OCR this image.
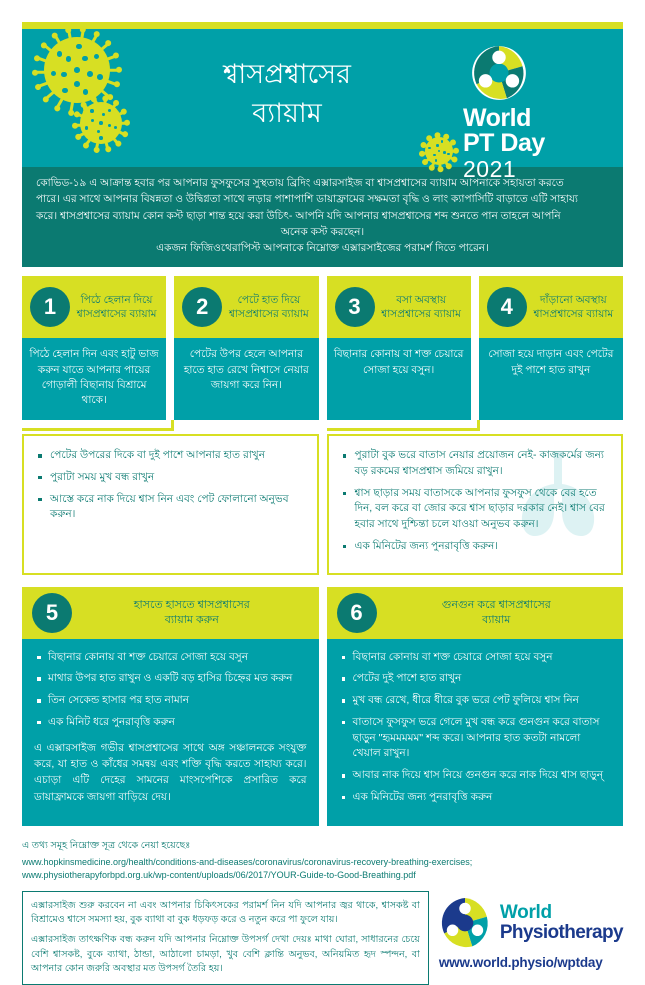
শ্বাসপ্রশ্বাসের
ব্যায়াম	World
PT Day
2021
কোভিড-১৯ এ আক্রান্ত হবার পর আপনার ফুসফুসের সুস্থতায় ব্রিদিং এক্সারসাইজ বা শ্বাসপ্রশ্বাসের ব্যায়াম আপনাকে সহায়তা করতে
পারে। এর সাথে আপনার বিষন্নতা ও উদ্বিগ্নতা সাথে লড়ার পাশাপাশি ডায়াফ্রামের সক্ষমতা বৃদ্ধি ও লাং ক্যাপাসিটি বাড়াতে এটি সাহায্য
করে। শ্বাসপ্রশ্বাসের ব্যায়াম কোন কস্ট ছাড়া শান্ত হয়ে করা উচিৎ- আপনি যদি আপনার শ্বাসপ্রশ্বাসের শব্দ শুনতে পান তাহলে আপনি
অনেক কস্ট করছেন।
একজন ফিজিওথেরাপিস্ট আপনাকে নিম্নোক্ত এক্সারসাইজের পরামর্শ দিতে পারেন।
1	পিঠে হেলান দিয়ে শ্বাসপ্রশ্বাসের ব্যায়াম
পিঠে হেলান দিন এবং হাটু ভাজ করুন যাতে আপনার পায়ের গোড়ালী বিছানায় বিশ্রামে থাকে।
2	পেটে হাত দিয়ে শ্বাসপ্রশ্বাসের ব্যায়াম
পেটের উপর হেলে আপনার হাতে হাত রেখে নিশ্বাসে নেয়ার জায়গা করে নিন।
3	বসা অবস্থায় শ্বাসপ্রশ্বাসের ব্যায়াম
বিছানার কোনায় বা শক্ত চেয়ারে সোজা হয়ে বসুন।
4	দাঁড়ানো অবস্থায় শ্বাসপ্রশ্বাসের ব্যায়াম
সোজা হয়ে দাড়ান এবং পেটের দুই পাশে হাত রাখুন
পেটের উপরের দিকে বা দুই পাশে আপনার হাত রাখুন
পুরাটা সময় মুখ বন্ধ রাখুন
আস্তে করে নাক দিয়ে শ্বাস নিন এবং পেট ফোলানো অনুভব করুন।
পুরাটা বুক ভরে বাতাস নেয়ার প্রয়োজন নেই- কাজকর্মের জন্য বড় রকমের শ্বাসপ্রশ্বাস জমিয়ে রাখুন।
শ্বাস ছাড়ার সময় বাতাসকে আপনার ফুসফুস থেকে বের হতে দিন, বল করে বা জোর করে শ্বাস ছাড়ার দরকার নেই। শ্বাস বের হবার সাথে দুশ্চিন্তা চলে যাওয়া অনুভব করুন।
এক মিনিটের জন্য পুনরাবৃত্তি করুন।
5	হাসতে হাসতে শ্বাসপ্রশ্বাসের
ব্যায়াম করুন
বিছানার কোনায় বা শক্ত চেয়ারে সোজা হয়ে বসুন
মাথার উপর হাত রাখুন ও একটি বড় হাসির চিহ্নের মত করুন
তিন সেকেন্ড হাসার পর হাত নামান
এক মিনিট ধরে পুনরাবৃত্তি করুন
এ এক্সারসাইজ গভীর শ্বাসপ্রশ্বাসের সাথে অঙ্গ সঞ্চালনকে সংযুক্ত করে, যা হাত ও কাঁধের সমন্বয় এবং শক্তি বৃদ্ধি করতে সাহায্য করে। এচাড়া এটি দেহের সামনের মাংসপেশিকে প্রসারিত করে ডায়াফ্রামকে জায়গা বাড়িয়ে দেয়।
6	গুনগুন করে শ্বাসপ্রশ্বাসের
ব্যায়াম
বিছানার কোনায় বা শক্ত চেয়ারে সোজা হয়ে বসুন
পেটের দুই পাশে হাত রাখুন
মুখ বন্ধ রেখে, ধীরে ধীরে বুক ভরে পেট ফুলিয়ে শ্বাস নিন
বাতাসে ফুসফুস ভরে গেলে মুখ বন্ধ করে গুনগুন করে বাতাস ছাড়ুন "হৃমমমমম" শব্দ করে। আপনার হাত কতটা নামলো খেয়াল রাখুন।
আবার নাক দিয়ে শ্বাস নিয়ে গুনগুন করে নাক দিয়ে শ্বাস ছাড়ুন্
এক মিনিটের জন্য পুনরাবৃত্তি করুন
এ তথ্য সমূহ নিম্নোক্ত সূত্র থেকে নেয়া হয়েছেঃ
www.hopkinsmedicine.org/health/conditions-and-diseases/coronavirus/coronavirus-recovery-breathing-exercises;
www.physiotherapyforbpd.org.uk/wp-content/uploads/06/2017/YOUR-Guide-to-Good-Breathing.pdf

এক্সারসাইজ শুরু করবেন না এবং আপনার চিকিৎসকের পরামর্শ নিন যদি আপনার জ্বর থাকে, শ্বাসকষ্ট বা বিশ্রামেও শ্বাসে সমস্যা হয়, বুক ব্যাথা বা বুক ধড়ফড় করে ও নতুন করে পা ফুলে যায়।

এক্সারসাইজ তাৎক্ষণিক বন্ধ করুন যদি আপনার নিম্নোক্ত উপসর্গ দেখা দেয়ঃ মাথা ঘোরা, সাধারনের চেয়ে বেশি শ্বাসকষ্ট, বুকে ব্যাথা, ঠান্ডা, আঠালো চামড়া, খুব বেশি ক্লান্তি অনুভব, অনিয়মিত হৃদ স্পন্দন, বা আপনার কোন জরুরি অবস্থার মত উপসর্গ তৈরি হয়।

World
Physiotherapy
www.world.physio/wptday
